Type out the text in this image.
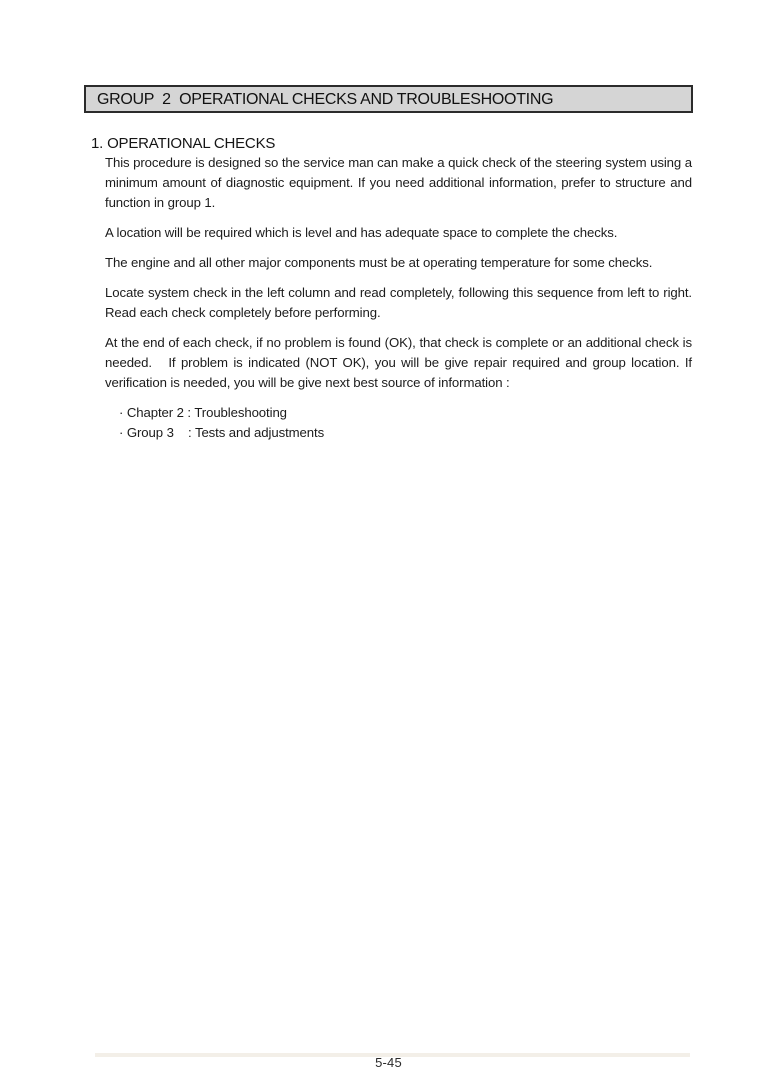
GROUP  2  OPERATIONAL CHECKS AND TROUBLESHOOTING
1. OPERATIONAL CHECKS

This procedure is designed so the service man can make a quick check of the steering system using a minimum amount of diagnostic equipment. If you need additional information, prefer to structure and function in group 1.

A location will be required which is level and has adequate space to complete the checks.

The engine and all other major components must be at operating temperature for some checks.

Locate system check in the left column and read completely, following this sequence from left to right. Read each check completely before performing.

At the end of each check, if no problem is found (OK), that check is complete or an additional check is needed.   If problem is indicated (NOT OK), you will be give repair required and group location. If verification is needed, you will be give next best source of information :

· Chapter 2 : Troubleshooting
· Group 3    : Tests and adjustments
5-45
